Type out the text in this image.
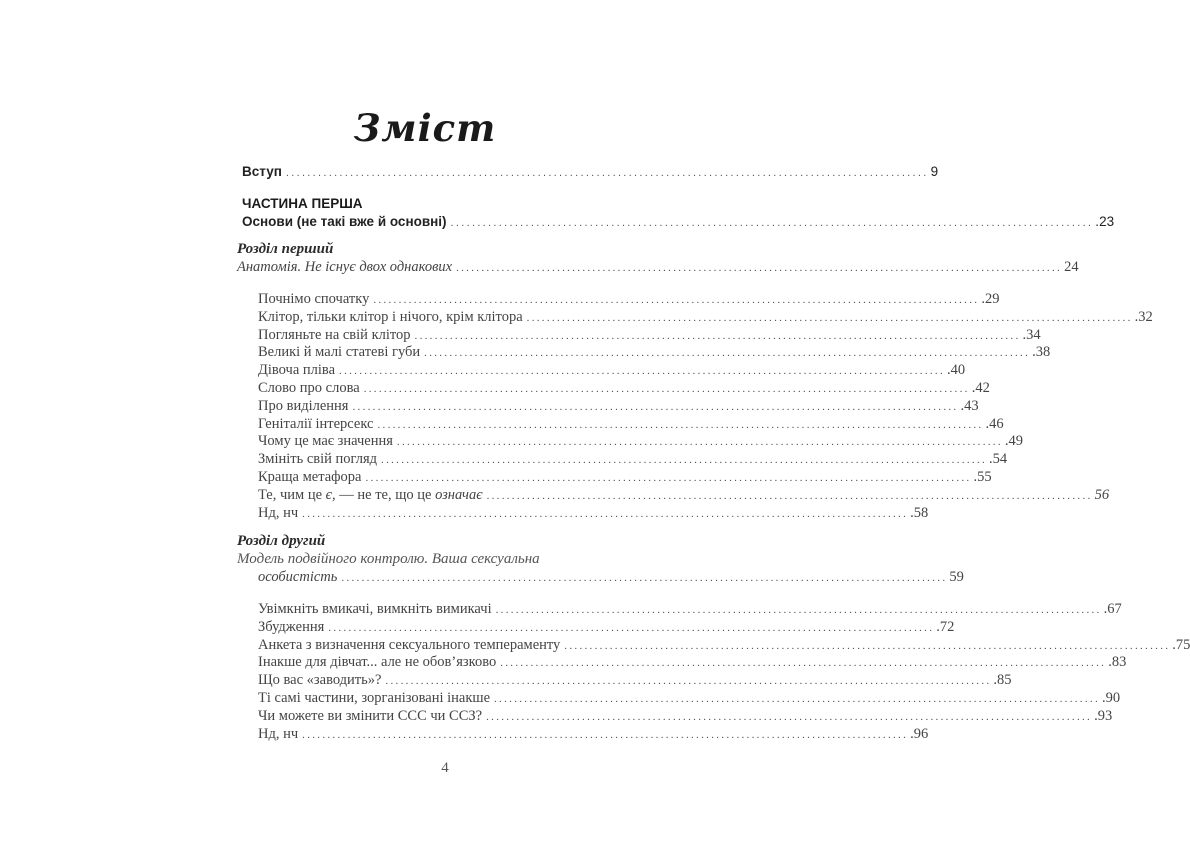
Зміст
Вступ ........................................................................................................................ 9
ЧАСТИНА ПЕРША
Основи (не такі вже й основні) ........................................................................................................................ .23
Розділ перший
Анатомія. Не існує двох однакових ........................................................................................................................ 24
Почнімо спочатку ........................................................................................................................ .29
Клітор, тільки клітор і нічого, крім клітора ........................................................................................................................ .32
Погляньте на свій клітор ........................................................................................................................ .34
Великі й малі статеві губи ........................................................................................................................ .38
Дівоча пліва ........................................................................................................................ .40
Слово про слова ........................................................................................................................ .42
Про виділення ........................................................................................................................ .43
Геніталії інтерсекс ........................................................................................................................ .46
Чому це має значення ........................................................................................................................ .49
Змініть свій погляд ........................................................................................................................ .54
Краща метафора ........................................................................................................................ .55
Те, чим це є, — не те, що це означає ........................................................................................................................ 56
Нд, нч ........................................................................................................................ .58
Розділ другий
Модель подвійного контролю. Ваша сексуальна
особистість ........................................................................................................................ 59
Увімкніть вмикачі, вимкніть вимикачі ........................................................................................................................ .67
Збудження ........................................................................................................................ .72
Анкета з визначення сексуального темпераменту ........................................................................................................................ .75
Інакше для дівчат... але не обов’язково ........................................................................................................................ .83
Що вас «заводить»? ........................................................................................................................ .85
Ті самі частини, зорганізовані інакше ........................................................................................................................ .90
Чи можете ви змінити ССС чи ССЗ? ........................................................................................................................ .93
Нд, нч ........................................................................................................................ .96
4
